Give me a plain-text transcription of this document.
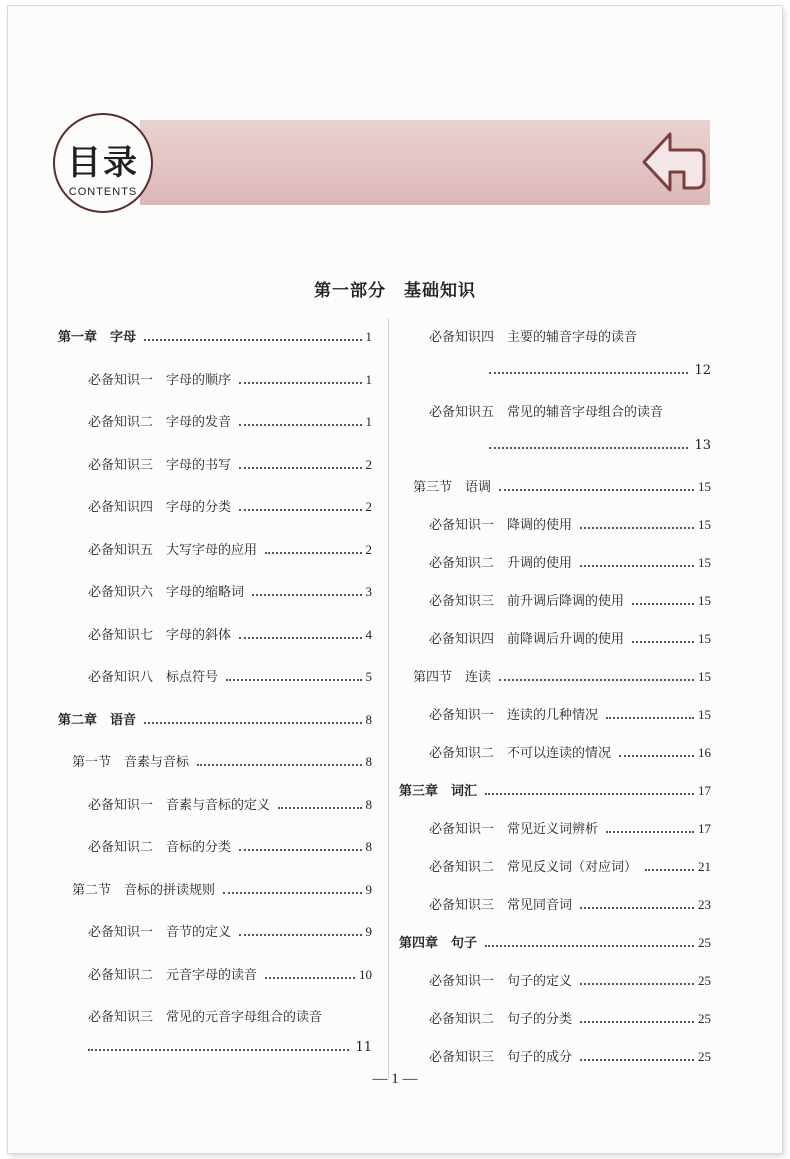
目录
CONTENTS
第一部分　基础知识
— 1 —
第一章　字母	1
必备知识一　字母的顺序	1
必备知识二　字母的发音	1
必备知识三　字母的书写	2
必备知识四　字母的分类	2
必备知识五　大写字母的应用	2
必备知识六　字母的缩略词	3
必备知识七　字母的斜体	4
必备知识八　标点符号	5
第二章　语音	8
第一节　音素与音标	8
必备知识一　音素与音标的定义	8
必备知识二　音标的分类	8
第二节　音标的拼读规则	9
必备知识一　音节的定义	9
必备知识二　元音字母的读音	10
必备知识三　常见的元音字母组合的读音
11
必备知识四　主要的辅音字母的读音
12
必备知识五　常见的辅音字母组合的读音
13
第三节　语调	15
必备知识一　降调的使用	15
必备知识二　升调的使用	15
必备知识三　前升调后降调的使用	15
必备知识四　前降调后升调的使用	15
第四节　连读	15
必备知识一　连读的几种情况	15
必备知识二　不可以连读的情况	16
第三章　词汇	17
必备知识一　常见近义词辨析	17
必备知识二　常见反义词（对应词）	21
必备知识三　常见同音词	23
第四章　句子	25
必备知识一　句子的定义	25
必备知识二　句子的分类	25
必备知识三　句子的成分	25
